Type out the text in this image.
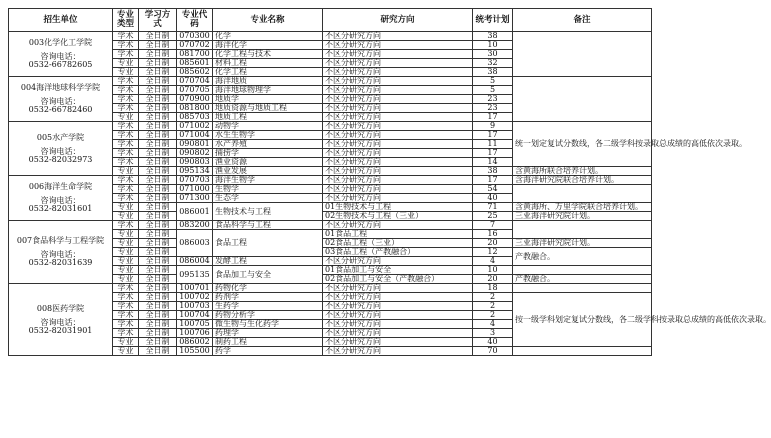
招生单位	专业类型	学习方式	专业代码	专业名称	研究方向	统考计划	备注

003化学化工学院
咨询电话：
0532-66782605	学术	全日制	070300	化学	不区分研究方向	38	
	学术	全日制	070702	海洋化学	不区分研究方向	10	
	学术	全日制	081700	化学工程与技术	不区分研究方向	30	
	专业	全日制	085601	材料工程	不区分研究方向	32	
	专业	全日制	085602	化学工程	不区分研究方向	38	

004海洋地球科学学院
咨询电话：
0532-66782460	学术	全日制	070704	海洋地质	不区分研究方向	5	
	学术	全日制	070705	海洋地球物理学	不区分研究方向	5	
	学术	全日制	070900	地质学	不区分研究方向	23	
	学术	全日制	081800	地质资源与地质工程	不区分研究方向	23	
	专业	全日制	085703	地质工程	不区分研究方向	17	

005水产学院
咨询电话：
0532-82032973	学术	全日制	071002	动物学	不区分研究方向	9	统一划定复试分数线，各二级学科按录取总成绩的高低依次录取。
	学术	全日制	071004	水生生物学	不区分研究方向	17	
	学术	全日制	090801	水产养殖	不区分研究方向	11	
	学术	全日制	090802	捕捞学	不区分研究方向	17	
	学术	全日制	090803	渔业资源	不区分研究方向	14	
	专业	全日制	095134	渔业发展	不区分研究方向	38	含黄海所联合培养计划。

006海洋生命学院
咨询电话：
0532-82031601	学术	全日制	070703	海洋生物学	不区分研究方向	17	含海洋研究院联合培养计划。
	学术	全日制	071000	生物学	不区分研究方向	54	
	学术	全日制	071300	生态学	不区分研究方向	40	
	专业	全日制	086001	生物技术与工程	01生物技术与工程	71	含黄海所、万里学院联合培养计划。
	专业	全日制			02生物技术与工程（三亚）	25	三亚海洋研究院计划。

007食品科学与工程学院
咨询电话：
0532-82031639	学术	全日制	083200	食品科学与工程	不区分研究方向	7	
	专业	全日制	086003	食品工程	01食品工程	16	
	专业	全日制			02食品工程（三亚）	20	三亚海洋研究院计划。
	专业	全日制			03食品工程（产教融合）	12	产教融合。
	专业	全日制	086004	发酵工程	不区分研究方向	4	
	专业	全日制	095135	食品加工与安全	01食品加工与安全	10	
	专业	全日制			02食品加工与安全（产教融合）	20	产教融合。

008医药学院
咨询电话：
0532-82031901	学术	全日制	100701	药物化学	不区分研究方向	18	
	学术	全日制	100702	药剂学	不区分研究方向	2	按一级学科划定复试分数线，各二级学科按录取总成绩的高低依次录取。
	学术	全日制	100703	生药学	不区分研究方向	2	
	学术	全日制	100704	药物分析学	不区分研究方向	2	
	学术	全日制	100705	微生物与生化药学	不区分研究方向	4	
	学术	全日制	100706	药理学	不区分研究方向	3	
	专业	全日制	086002	制药工程	不区分研究方向	40	
	专业	全日制	105500	药学	不区分研究方向	70	
